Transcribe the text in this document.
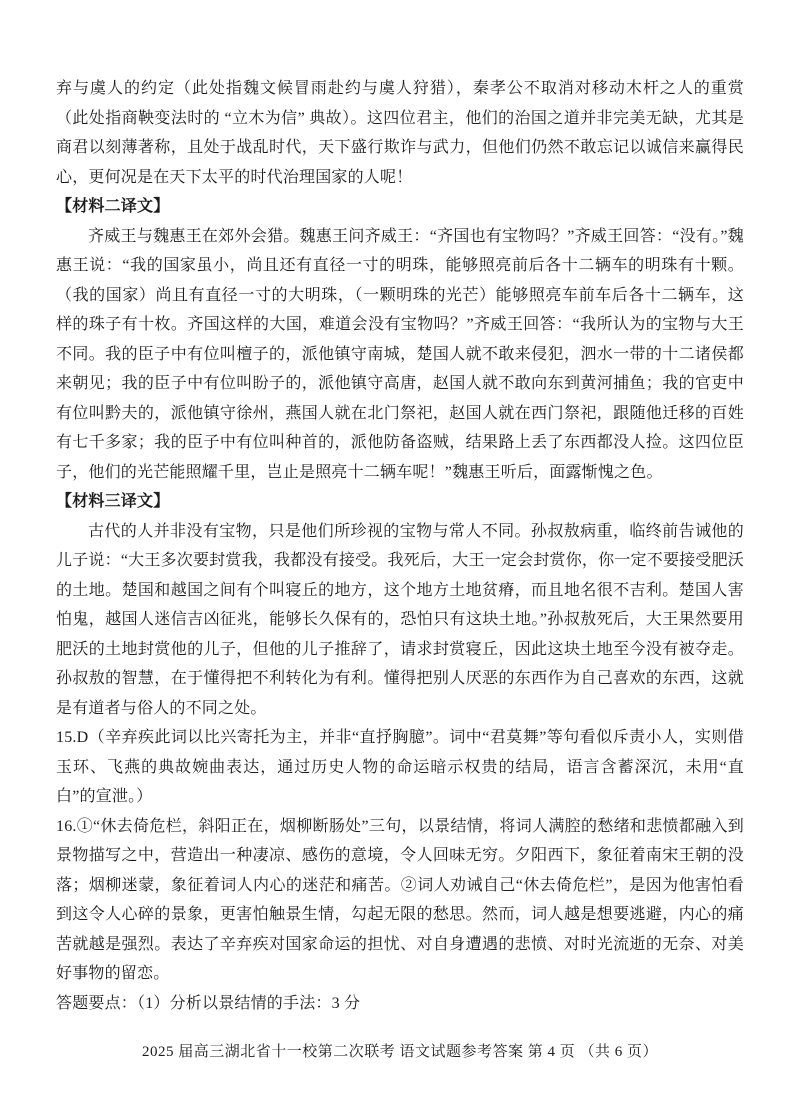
弃与虞人的约定（此处指魏文候冒雨赴约与虞人狩猎），秦孝公不取消对移动木杆之人的重赏（此处指商鞅变法时的 “立木为信” 典故）。这四位君主，他们的治国之道并非完美无缺，尤其是商君以刻薄著称，且处于战乱时代，天下盛行欺诈与武力，但他们仍然不敢忘记以诚信来赢得民心，更何况是在天下太平的时代治理国家的人呢！

【材料二译文】

齐威王与魏惠王在郊外会猎。魏惠王问齐威王：“齐国也有宝物吗？”齐威王回答：“没有。”魏惠王说：“我的国家虽小，尚且还有直径一寸的明珠，能够照亮前后各十二辆车的明珠有十颗。（我的国家）尚且有直径一寸的大明珠，（一颗明珠的光芒）能够照亮车前车后各十二辆车，这样的珠子有十枚。齐国这样的大国，难道会没有宝物吗？”齐威王回答：“我所认为的宝物与大王不同。我的臣子中有位叫檀子的，派他镇守南城，楚国人就不敢来侵犯，泗水一带的十二诸侯都来朝见；我的臣子中有位叫盼子的，派他镇守高唐，赵国人就不敢向东到黄河捕鱼；我的官吏中有位叫黔夫的，派他镇守徐州，燕国人就在北门祭祀，赵国人就在西门祭祀，跟随他迁移的百姓有七千多家；我的臣子中有位叫种首的，派他防备盗贼，结果路上丢了东西都没人捡。这四位臣子，他们的光芒能照耀千里，岂止是照亮十二辆车呢！”魏惠王听后，面露惭愧之色。

【材料三译文】

古代的人并非没有宝物，只是他们所珍视的宝物与常人不同。孙叔敖病重，临终前告诫他的儿子说：“大王多次要封赏我，我都没有接受。我死后，大王一定会封赏你，你一定不要接受肥沃的土地。楚国和越国之间有个叫寝丘的地方，这个地方土地贫瘠，而且地名很不吉利。楚国人害怕鬼，越国人迷信吉凶征兆，能够长久保有的，恐怕只有这块土地。”孙叔敖死后，大王果然要用肥沃的土地封赏他的儿子，但他的儿子推辞了，请求封赏寝丘，因此这块土地至今没有被夺走。孙叔敖的智慧，在于懂得把不利转化为有利。懂得把别人厌恶的东西作为自己喜欢的东西，这就是有道者与俗人的不同之处。

15.D（辛弃疾此词以比兴寄托为主，并非“直抒胸臆”。词中“君莫舞”等句看似斥责小人，实则借玉环、飞燕的典故婉曲表达，通过历史人物的命运暗示权贵的结局，语言含蓄深沉，未用“直白”的宣泄。）

16.①“休去倚危栏，斜阳正在，烟柳断肠处”三句，以景结情，将词人满腔的愁绪和悲愤都融入到景物描写之中，营造出一种凄凉、感伤的意境，令人回味无穷。夕阳西下，象征着南宋王朝的没落；烟柳迷蒙，象征着词人内心的迷茫和痛苦。②词人劝诫自己“休去倚危栏”，是因为他害怕看到这令人心碎的景象，更害怕触景生情，勾起无限的愁思。然而，词人越是想要逃避，内心的痛苦就越是强烈。表达了辛弃疾对国家命运的担忧、对自身遭遇的悲愤、对时光流逝的无奈、对美好事物的留恋。

答题要点：（1）分析以景结情的手法：3 分

2025 届高三湖北省十一校第二次联考 语文试题参考答案 第 4 页 （共 6 页）
